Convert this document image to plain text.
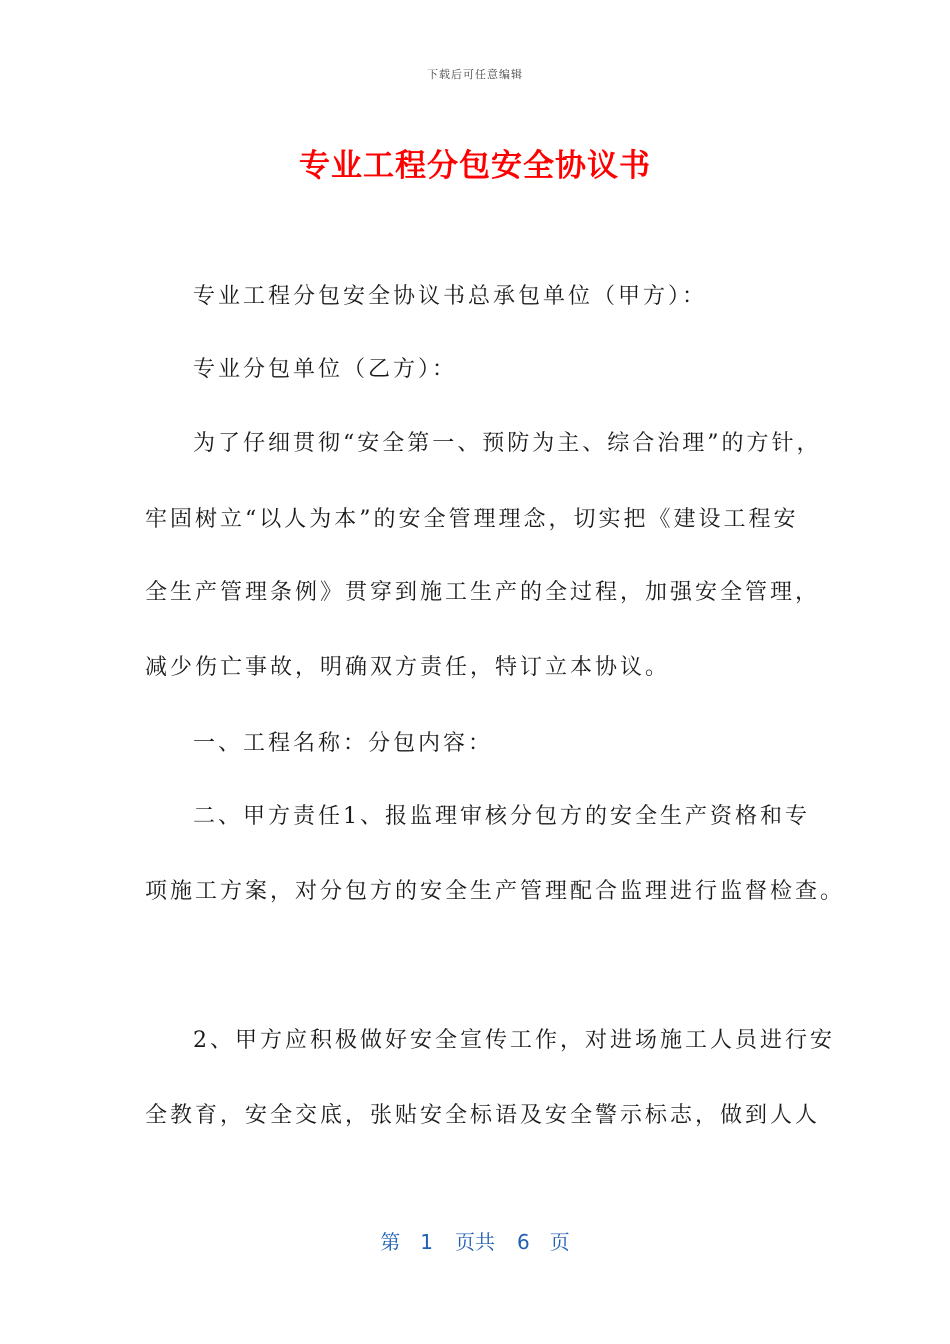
下载后可任意编辑
专业工程分包安全协议书
专业工程分包安全协议书总承包单位（甲方）：
专业分包单位（乙方）：
为了仔细贯彻“安全第一、预防为主、综合治理”的方针，
牢固树立“以人为本”的安全管理理念，切实把《建设工程安
全生产管理条例》贯穿到施工生产的全过程，加强安全管理，
减少伤亡事故，明确双方责任，特订立本协议。
一、工程名称：分包内容：
二、甲方责任1、报监理审核分包方的安全生产资格和专
项施工方案，对分包方的安全生产管理配合监理进行监督检查。
2、甲方应积极做好安全宣传工作，对进场施工人员进行安
全教育，安全交底，张贴安全标语及安全警示标志，做到人人
第 1 页共 6 页
